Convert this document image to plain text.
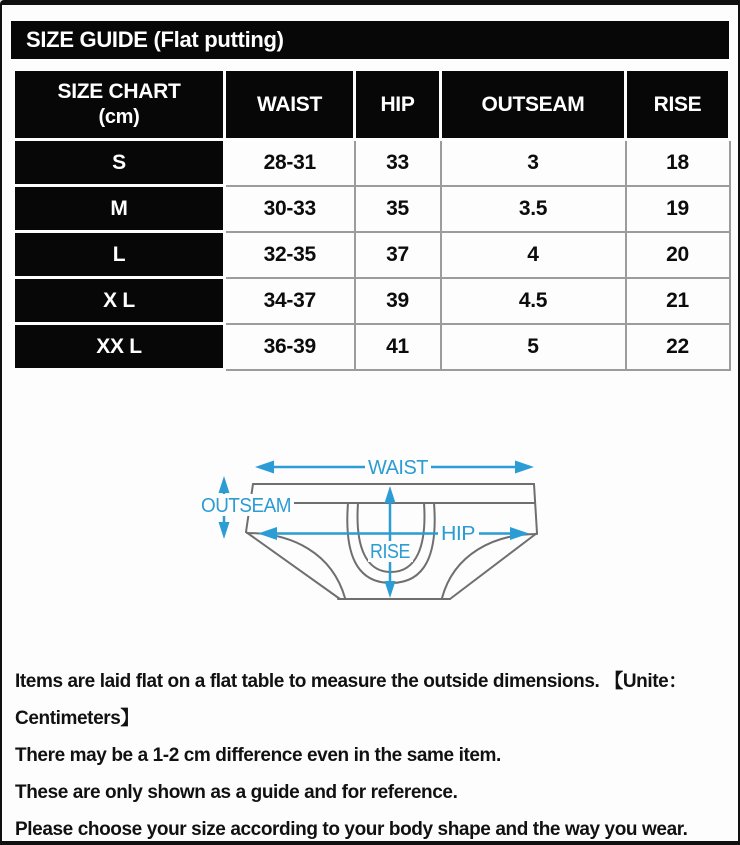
SIZE GUIDE (Flat putting)
SIZE CHART
(cm)	WAIST	HIP	OUTSEAM	RISE
S	28-31	33	3	18
M	30-33	35	3.5	19
L	32-35	37	4	20
X L	34-37	39	4.5	21
XX L	36-39	41	5	22
WAIST
OUTSEAM
HIP
RISE
Items are laid flat on a flat table to measure the outside dimensions. 【Unite：
Centimeters】
There may be a 1-2 cm difference even in the same item.
These are only shown as a guide and for reference.
Please choose your size according to your body shape and the way you wear.
